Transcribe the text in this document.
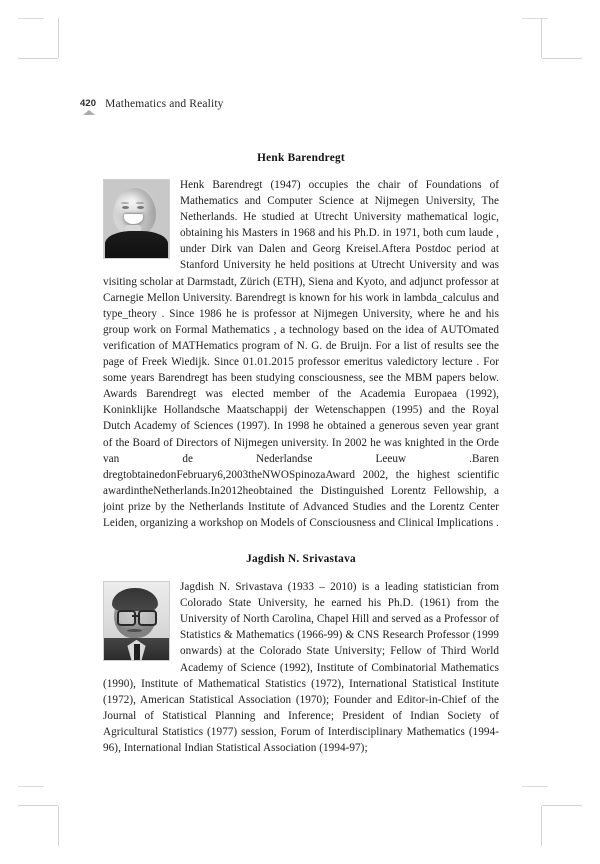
420 Mathematics and Reality
Henk Barendregt
Henk Barendregt (1947) occupies the chair of Foundations of Mathematics and Computer Science at Nijmegen University, The Netherlands. He studied at Utrecht University mathematical logic, obtaining his Masters in 1968 and his Ph.D. in 1971, both cum laude , under Dirk van Dalen and Georg Kreisel.Aftera Postdoc period at Stanford University he held positions at Utrecht University and was visiting scholar at Darmstadt, Zürich (ETH), Siena and Kyoto, and adjunct professor at Carnegie Mellon University. Barendregt is known for his work in lambda_calculus and type_theory . Since 1986 he is professor at Nijmegen University, where he and his group work on Formal Mathematics , a technology based on the idea of AUTOmated verification of MATHematics program of N. G. de Bruijn. For a list of results see the page of Freek Wiedijk. Since 01.01.2015 professor emeritus valedictory lecture . For some years Barendregt has been studying consciousness, see the MBM papers below. Awards Barendregt was elected member of the Academia Europaea (1992), Koninklijke Hollandsche Maatschappij der Wetenschappen (1995) and the Royal Dutch Academy of Sciences (1997). In 1998 he obtained a generous seven year grant of the Board of Directors of Nijmegen university. In 2002 he was knighted in the Orde van de Nederlandse Leeuw .Baren dregtobtainedonFebruary6,2003theNWOSpinozaAward 2002, the highest scientific awardintheNetherlands.In2012heobtained the Distinguished Lorentz Fellowship, a joint prize by the Netherlands Institute of Advanced Studies and the Lorentz Center Leiden, organizing a workshop on Models of Consciousness and Clinical Implications .
Jagdish N. Srivastava
Jagdish N. Srivastava (1933 – 2010) is a leading statistician from Colorado State University, he earned his Ph.D. (1961) from the University of North Carolina, Chapel Hill and served as a Professor of Statistics & Mathematics (1966-99) & CNS Research Professor (1999 onwards) at the Colorado State University; Fellow of Third World Academy of Science (1992), Institute of Combinatorial Mathematics (1990), Institute of Mathematical Statistics (1972), International Statistical Institute (1972), American Statistical Association (1970); Founder and Editor-in-Chief of the Journal of Statistical Planning and Inference; President of Indian Society of Agricultural Statistics (1977) session, Forum of Interdisciplinary Mathematics (1994-96), International Indian Statistical Association (1994-97);
